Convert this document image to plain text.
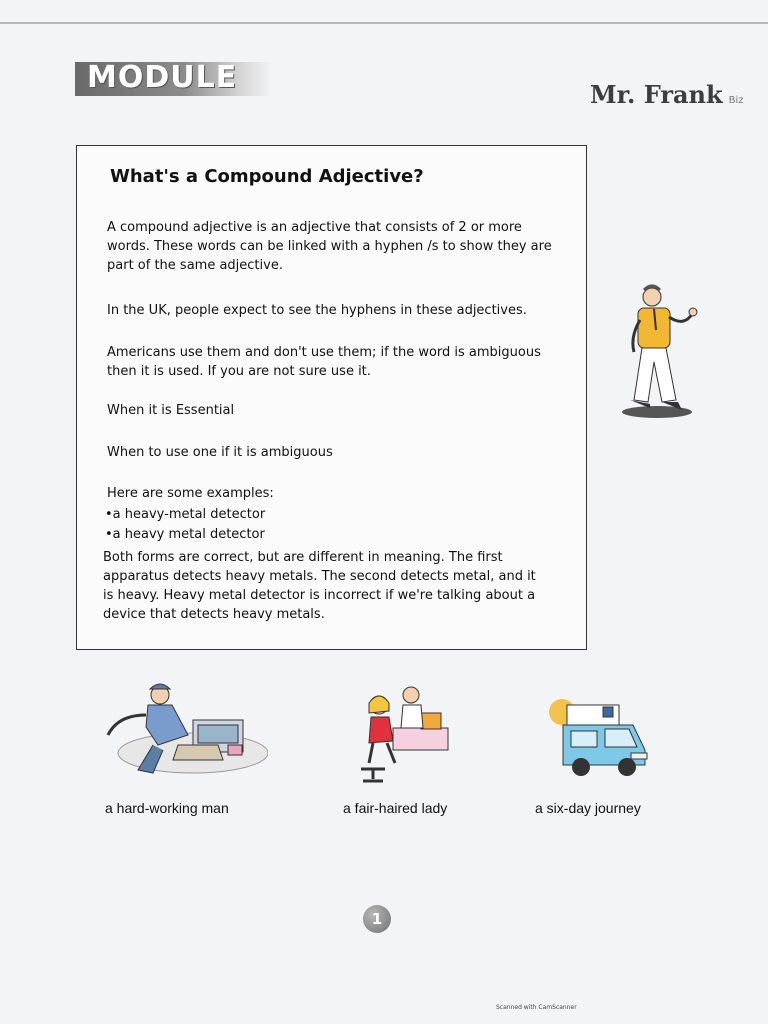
MODULE	Mr. Frank Biz
What's a Compound Adjective?

A compound adjective is an adjective that consists of 2 or more words. These words can be linked with a hyphen /s to show they are part of the same adjective.

In the UK, people expect to see the hyphens in these adjectives.

Americans use them and don't use them; if the word is ambiguous then it is used. If you are not sure use it.

When it is Essential

When to use one if it is ambiguous

Here are some examples:

•a heavy-metal detector

•a heavy metal detector

Both forms are correct, but are different in meaning. The first apparatus detects heavy metals. The second detects metal, and it is heavy. Heavy metal detector is incorrect if we're talking about a device that detects heavy metals.

a hard-working man	a fair-haired lady	a six-day journey
1
Scanned with CamScanner
